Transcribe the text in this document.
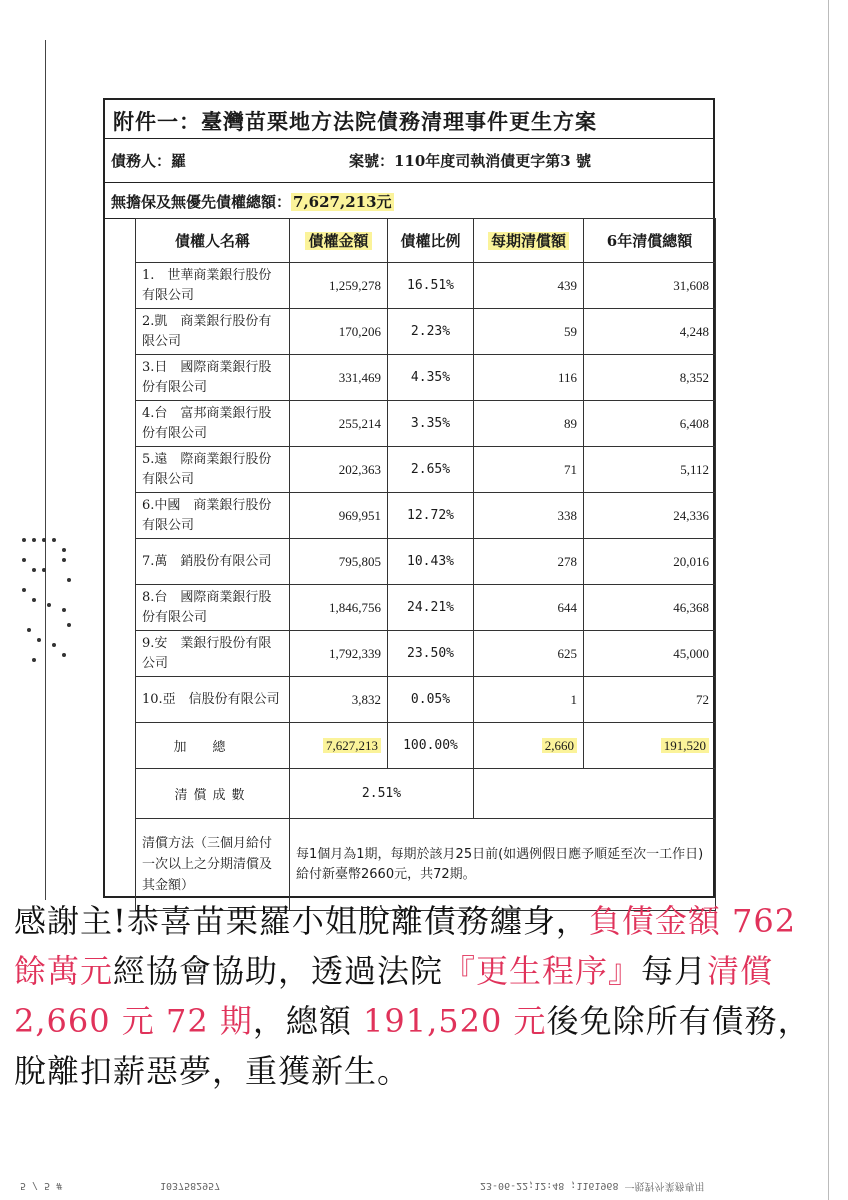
附件一：臺灣苗栗地方法院債務清理事件更生方案
債務人：羅	案號：110年度司執消債更字第3 號
無擔保及無優先債權總額： 7,627,213元
債權人名稱	債權金額	債權比例	每期清償額	6年清償總額
1.　世華商業銀行股份有限公司	1,259,278	16.51%	439	31,608
2.凱　商業銀行股份有限公司	170,206	2.23%	59	4,248
3.日　國際商業銀行股份有限公司	331,469	4.35%	116	8,352
4.台　富邦商業銀行股份有限公司	255,214	3.35%	89	6,408
5.遠　際商業銀行股份有限公司	202,363	2.65%	71	5,112
6.中國　商業銀行股份有限公司	969,951	12.72%	338	24,336
7.萬　銷股份有限公司	795,805	10.43%	278	20,016
8.台　國際商業銀行股份有限公司	1,846,756	24.21%	644	46,368
9.安　業銀行股份有限公司	1,792,339	23.50%	625	45,000
10.亞　信股份有限公司	3,832	0.05%	1	72
加總	7,627,213	100.00%	2,660	191,520
清償成數	2.51%			
清償方法（三個月給付一次以上之分期清償及其金額）	每1個月為1期，每期於該月25日前(如遇例假日應予順延至次一工作日)給付新臺幣2660元，共72期。			
感謝主!恭喜苗栗羅小姐脫離債務纏身，負債金額 762 餘萬元經協會協助，透過法院『更生程序』每月清償 2,660 元 72 期，總額 191,520 元後免除所有債務，脫離扣薪惡夢，重獲新生。
5 / 5 #	1037582957	23-06-22;12:48 ;1161968 一般對外業務專用
